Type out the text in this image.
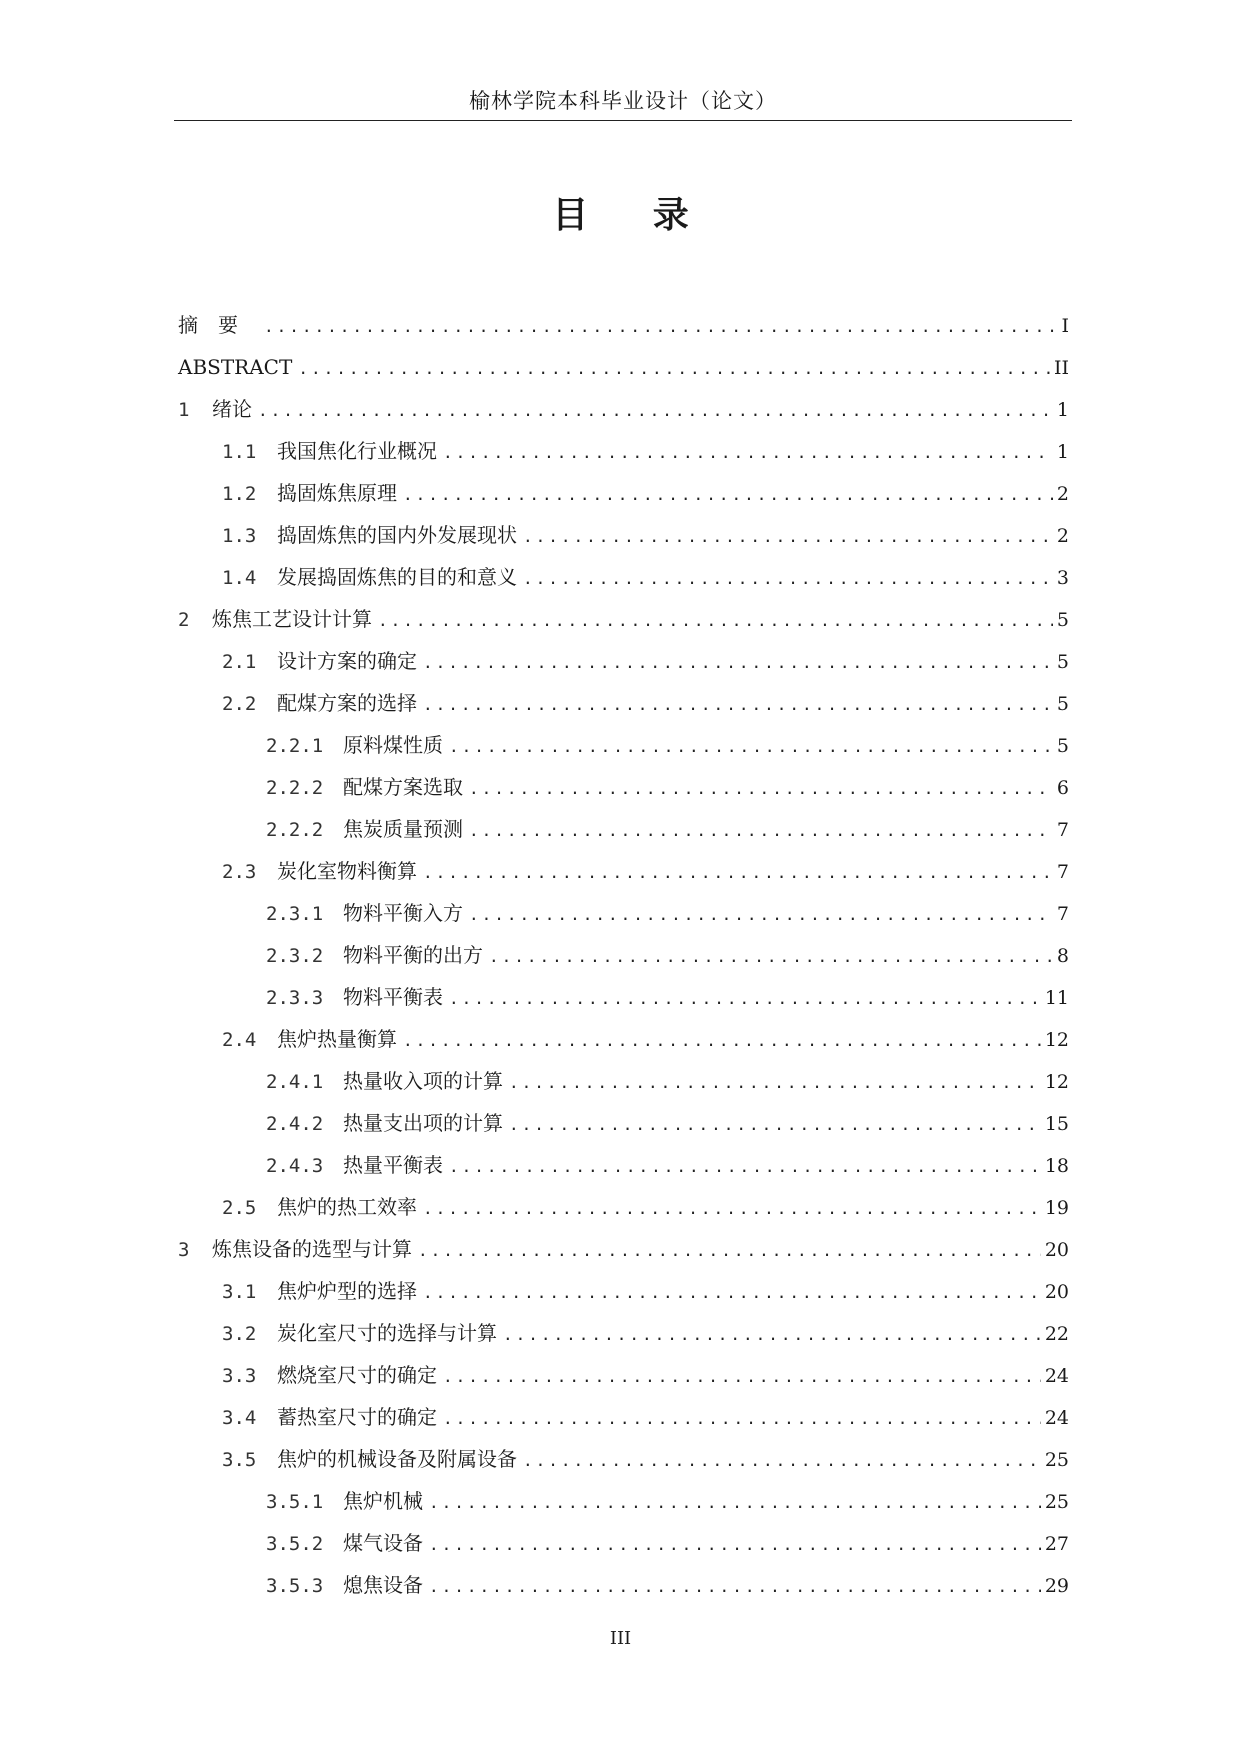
榆林学院本科毕业设计（论文）
目 录
摘要 .....	I
ABSTRACT .....	II
1	绪论 .....	1
1.1	我国焦化行业概况 .....	1
1.2	捣固炼焦原理 .....	2
1.3	捣固炼焦的国内外发展现状 .....	2
1.4	发展捣固炼焦的目的和意义 .....	3
2	炼焦工艺设计计算 .....	5
2.1	设计方案的确定 .....	5
2.2	配煤方案的选择 .....	5
2.2.1 原料煤性质 .....	5
2.2.2 配煤方案选取 .....	6
2.2.2 焦炭质量预测 .....	7
2.3	炭化室物料衡算 .....	7
2.3.1 物料平衡入方 .....	7
2.3.2 物料平衡的出方 .....	8
2.3.3 物料平衡表 .....	11
2.4	焦炉热量衡算 .....	12
2.4.1 热量收入项的计算 .....	12
2.4.2 热量支出项的计算 .....	15
2.4.3 热量平衡表 .....	18
2.5	焦炉的热工效率 .....	19
3	炼焦设备的选型与计算 .....	20
3.1	焦炉炉型的选择 .....	20
3.2	炭化室尺寸的选择与计算 .....	22
3.3	燃烧室尺寸的确定 .....	24
3.4	蓄热室尺寸的确定 .....	24
3.5	焦炉的机械设备及附属设备 .....	25
3.5.1 焦炉机械 .....	25
3.5.2 煤气设备 .....	27
3.5.3 熄焦设备 .....	29
III
